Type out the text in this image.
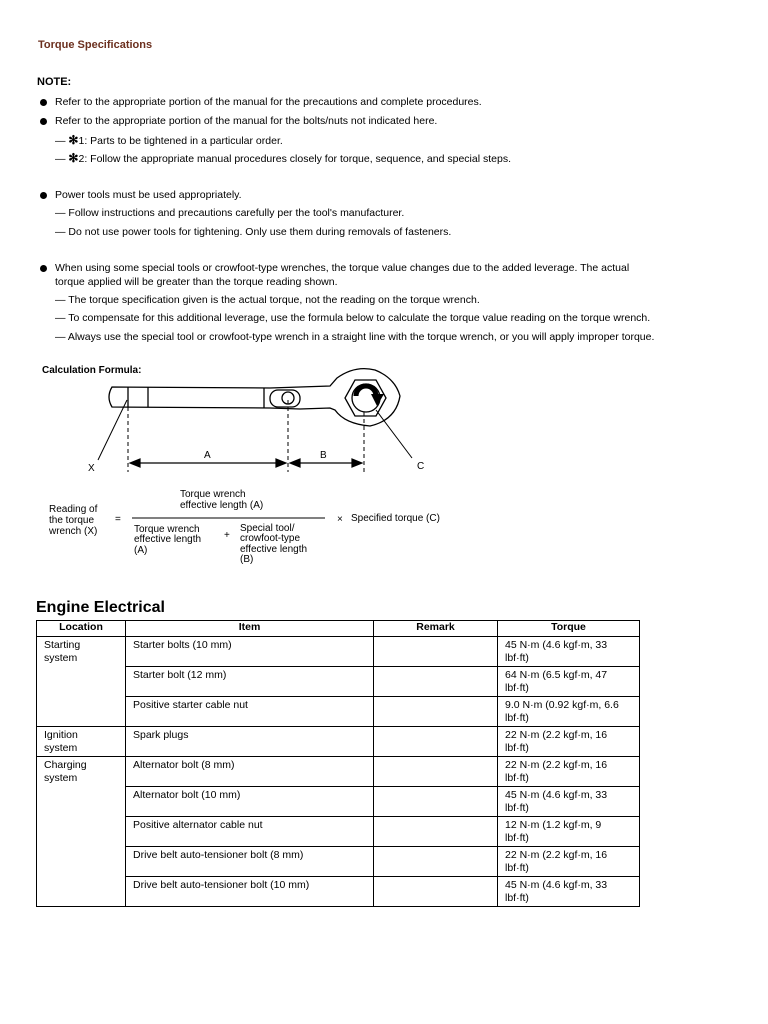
Torque Specifications
NOTE:
Refer to the appropriate portion of the manual for the precautions and complete procedures.
Refer to the appropriate portion of the manual for the bolts/nuts not indicated here.
— ✻1: Parts to be tightened in a particular order.
— ✻2: Follow the appropriate manual procedures closely for torque, sequence, and special steps.
Power tools must be used appropriately.
— Follow instructions and precautions carefully per the tool's manufacturer.
— Do not use power tools for tightening. Only use them during removals of fasteners.
When using some special tools or crowfoot-type wrenches, the torque value changes due to the added leverage. The actual
torque applied will be greater than the torque reading shown.
— The torque specification given is the actual torque, not the reading on the torque wrench.
— To compensate for this additional leverage, use the formula below to calculate the torque value reading on the torque wrench.
— Always use the special tool or crowfoot-type wrench in a straight line with the torque wrench, or you will apply improper torque.
Calculation Formula:
A	B
C
X
Reading of
the torque
wrench (X)
=
Torque wrench
effective length (A)
Torque wrench
effective length
(A)
+
Special tool/
crowfoot-type
effective length
(B)
× Specified torque (C)
Engine Electrical
Location	Item	Remark	Torque
Starting
system	Starter bolts (10 mm)		45 N·m (4.6 kgf·m, 33
lbf·ft)
	Starter bolt (12 mm)		64 N·m (6.5 kgf·m, 47
lbf·ft)
	Positive starter cable nut		9.0 N·m (0.92 kgf·m, 6.6
lbf·ft)
Ignition
system	Spark plugs		22 N·m (2.2 kgf·m, 16
lbf·ft)
Charging
system	Alternator bolt (8 mm)		22 N·m (2.2 kgf·m, 16
lbf·ft)
	Alternator bolt (10 mm)		45 N·m (4.6 kgf·m, 33
lbf·ft)
	Positive alternator cable nut		12 N·m (1.2 kgf·m, 9
lbf·ft)
	Drive belt auto-tensioner bolt (8 mm)		22 N·m (2.2 kgf·m, 16
lbf·ft)
	Drive belt auto-tensioner bolt (10 mm)		45 N·m (4.6 kgf·m, 33
lbf·ft)
